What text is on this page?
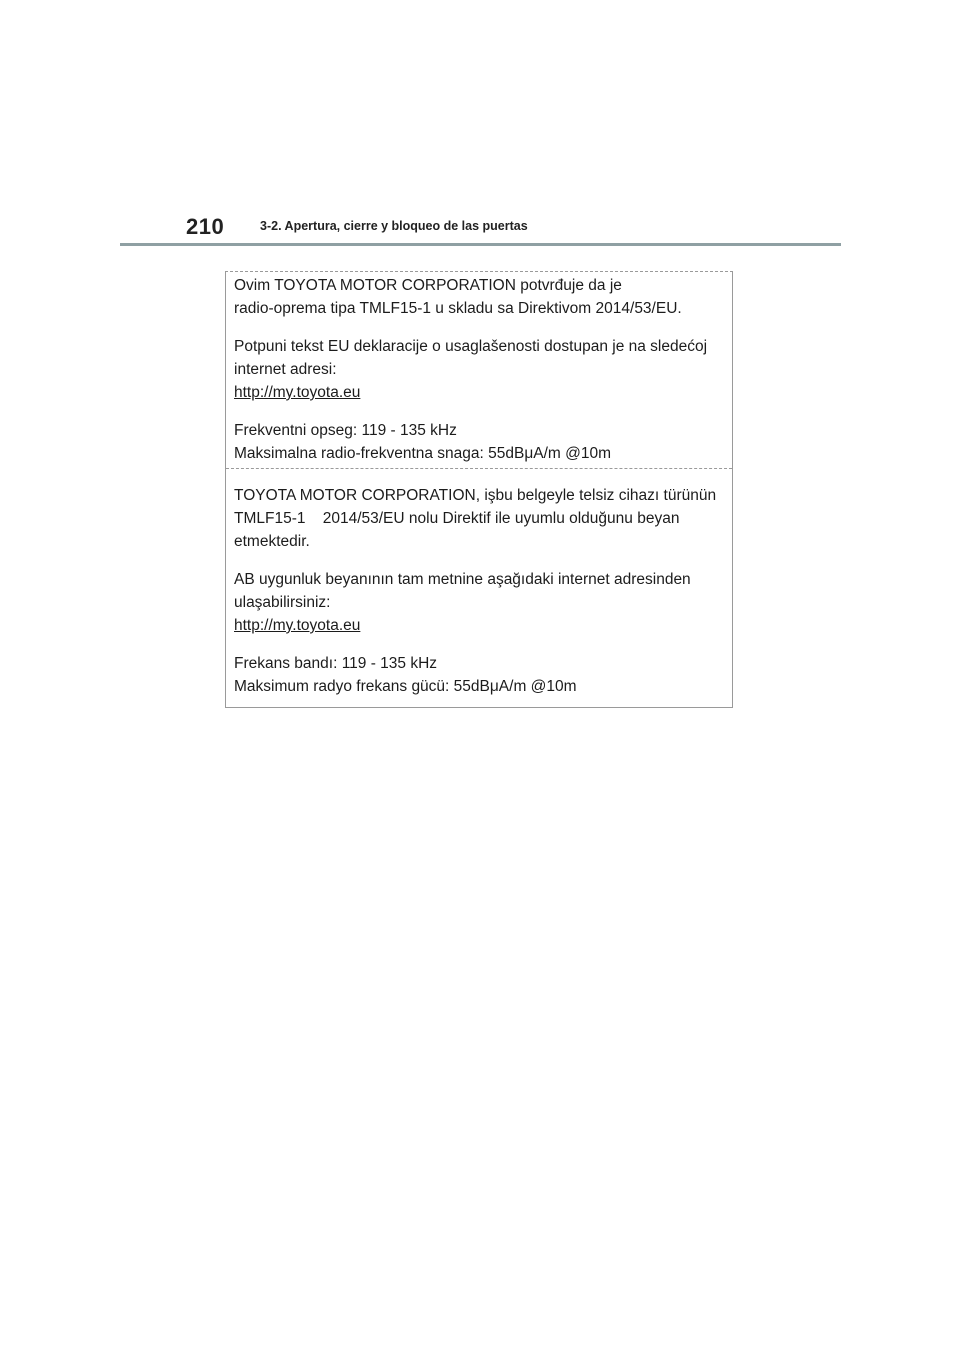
210	3-2. Apertura, cierre y bloqueo de las puertas
Ovim TOYOTA MOTOR CORPORATION potvrđuje da je
radio-oprema tipa TMLF15-1 u skladu sa Direktivom 2014/53/EU.
Potpuni tekst EU deklaracije o usaglašenosti dostupan je na sledećoj
internet adresi:
http://my.toyota.eu
Frekventni opseg: 119 - 135 kHz
Maksimalna radio-frekventna snaga: 55dBμA/m @10m
TOYOTA MOTOR CORPORATION, işbu belgeyle telsiz cihazı türünün
TMLF15-1    2014/53/EU nolu Direktif ile uyumlu olduğunu beyan
etmektedir.
AB uygunluk beyanının tam metnine aşağıdaki internet adresinden
ulaşabilirsiniz:
http://my.toyota.eu
Frekans bandı: 119 - 135 kHz
Maksimum radyo frekans gücü: 55dBμA/m @10m
